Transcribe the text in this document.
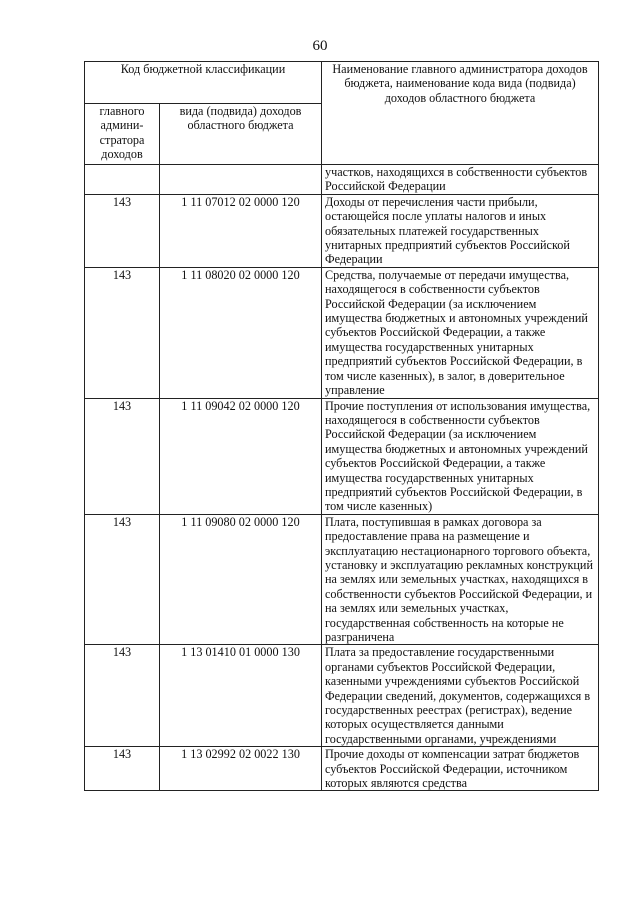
60
Код бюджетной классификации		Наименование главного администратора доходов бюджета, наименование кода вида (подвида) доходов областного бюджета
главного админи-стратора доходов	вида (подвида) доходов областного бюджета	
		участков, находящихся в собственности субъектов Российской Федерации
143	1 11 07012 02 0000 120	Доходы от перечисления части прибыли, остающейся после уплаты налогов и иных обязательных платежей государственных унитарных предприятий субъектов Российской Федерации
143	1 11 08020 02 0000 120	Средства, получаемые от передачи имущества, находящегося в собственности субъектов Российской Федерации (за исключением имущества бюджетных и автономных учреждений субъектов Российской Федерации, а также имущества государственных унитарных предприятий субъектов Российской Федерации, в том числе казенных), в залог, в доверительное управление
143	1 11 09042 02 0000 120	Прочие поступления от использования имущества, находящегося в собственности субъектов Российской Федерации (за исключением имущества бюджетных и автономных учреждений субъектов Российской Федерации, а также имущества государственных унитарных предприятий субъектов Российской Федерации, в том числе казенных)
143	1 11 09080 02 0000 120	Плата, поступившая в рамках договора за предоставление права на размещение и эксплуатацию нестационарного торгового объекта, установку и эксплуатацию рекламных конструкций на землях или земельных участках, находящихся в собственности субъектов Российской Федерации, и на землях или земельных участках, государственная собственность на которые не разграничена
143	1 13 01410 01 0000 130	Плата за предоставление государственными органами субъектов Российской Федерации, казенными учреждениями субъектов Российской Федерации сведений, документов, содержащихся в государственных реестрах (регистрах), ведение которых осуществляется данными государственными органами, учреждениями
143	1 13 02992 02 0022 130	Прочие доходы от компенсации затрат бюджетов субъектов Российской Федерации, источником которых являются средства
